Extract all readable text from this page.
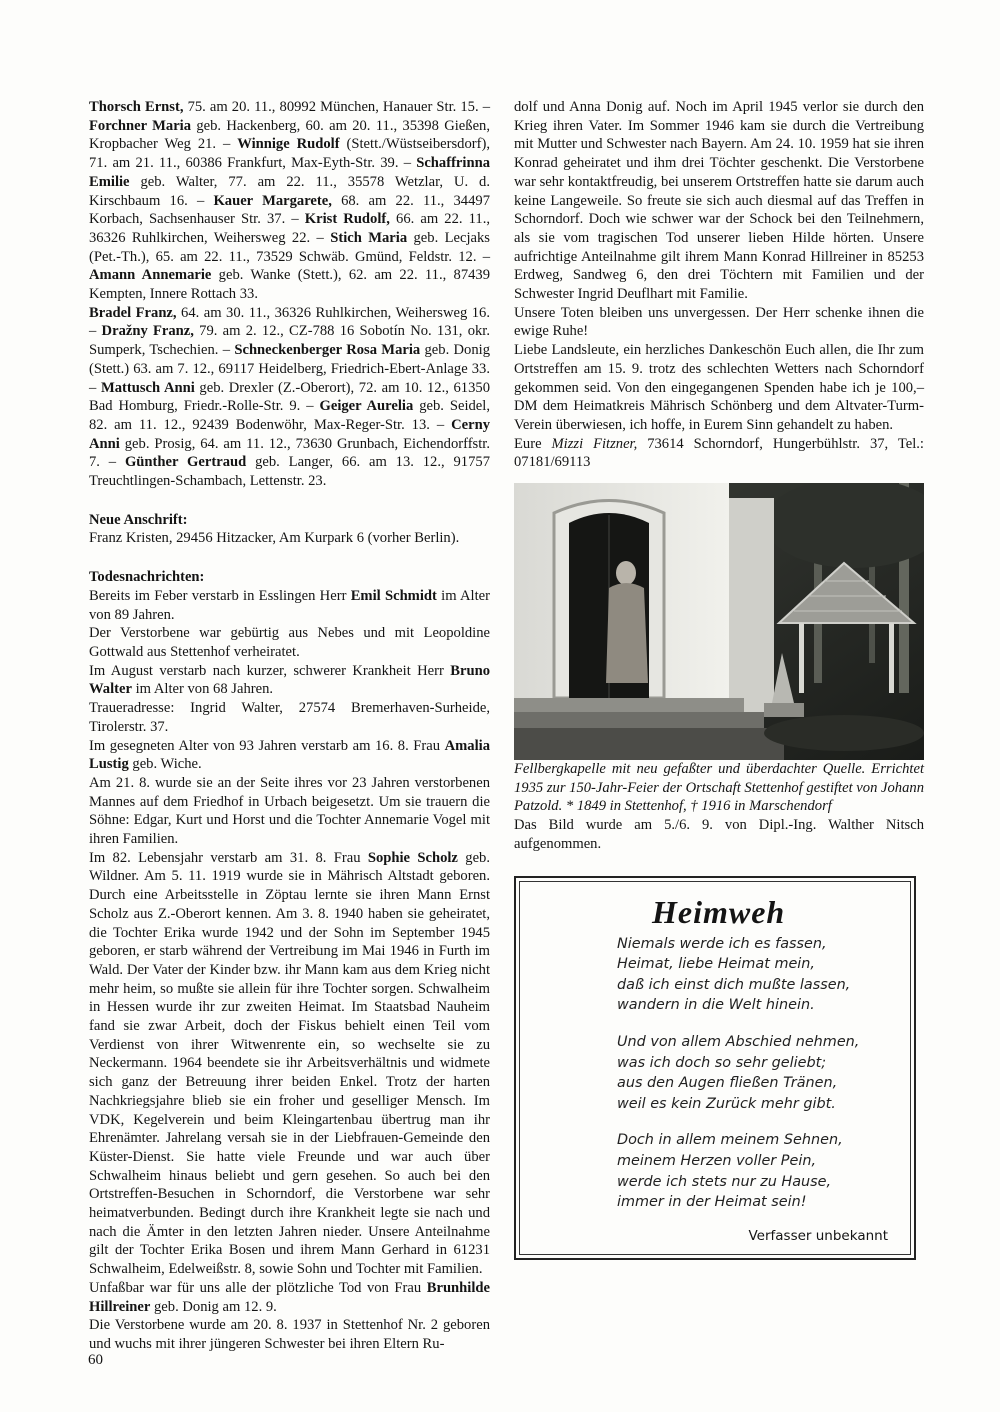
Thorsch Ernst, 75. am 20. 11., 80992 München, Hanauer Str. 15. – Forchner Maria geb. Hackenberg, 60. am 20. 11., 35398 Gießen, Kropbacher Weg 21. – Winnige Rudolf (Stett./Wüstseibersdorf), 71. am 21. 11., 60386 Frankfurt, Max-Eyth-Str. 39. – Schaffrinna Emilie geb. Walter, 77. am 22. 11., 35578 Wetzlar, U. d. Kirschbaum 16. – Kauer Margarete, 68. am 22. 11., 34497 Korbach, Sachsenhauser Str. 37. – Krist Rudolf, 66. am 22. 11., 36326 Ruhlkirchen, Weihersweg 22. – Stich Maria geb. Lecjaks (Pet.-Th.), 65. am 22. 11., 73529 Schwäb. Gmünd, Feldstr. 12. – Amann Annemarie geb. Wanke (Stett.), 62. am 22. 11., 87439 Kempten, Innere Rottach 33.

Bradel Franz, 64. am 30. 11., 36326 Ruhlkirchen, Weihersweg 16. – Dražny Franz, 79. am 2. 12., CZ-788 16 Sobotín No. 131, okr. Sumperk, Tschechien. – Schneckenberger Rosa Maria geb. Donig (Stett.) 63. am 7. 12., 69117 Heidelberg, Friedrich-Ebert-Anlage 33. – Mattusch Anni geb. Drexler (Z.-Oberort), 72. am 10. 12., 61350 Bad Homburg, Friedr.-Rolle-Str. 9. – Geiger Aurelia geb. Seidel, 82. am 11. 12., 92439 Bodenwöhr, Max-Reger-Str. 13. – Cerny Anni geb. Prosig, 64. am 11. 12., 73630 Grunbach, Eichendorffstr. 7. – Günther Gertraud geb. Langer, 66. am 13. 12., 91757 Treuchtlingen-Schambach, Lettenstr. 23.

Neue Anschrift:

Franz Kristen, 29456 Hitzacker, Am Kurpark 6 (vorher Berlin).

Todesnachrichten:

Bereits im Feber verstarb in Esslingen Herr Emil Schmidt im Alter von 89 Jahren.

Der Verstorbene war gebürtig aus Nebes und mit Leopoldine Gottwald aus Stettenhof verheiratet.

Im August verstarb nach kurzer, schwerer Krankheit Herr Bruno Walter im Alter von 68 Jahren.

Traueradresse: Ingrid Walter, 27574 Bremerhaven-Surheide, Tirolerstr. 37.

Im gesegneten Alter von 93 Jahren verstarb am 16. 8. Frau Amalia Lustig geb. Wiche.

Am 21. 8. wurde sie an der Seite ihres vor 23 Jahren verstorbenen Mannes auf dem Friedhof in Urbach beigesetzt. Um sie trauern die Söhne: Edgar, Kurt und Horst und die Tochter Annemarie Vogel mit ihren Familien.

Im 82. Lebensjahr verstarb am 31. 8. Frau Sophie Scholz geb. Wildner. Am 5. 11. 1919 wurde sie in Mährisch Altstadt geboren. Durch eine Arbeitsstelle in Zöptau lernte sie ihren Mann Ernst Scholz aus Z.-Oberort kennen. Am 3. 8. 1940 haben sie geheiratet, die Tochter Erika wurde 1942 und der Sohn im September 1945 geboren, er starb während der Vertreibung im Mai 1946 in Furth im Wald. Der Vater der Kinder bzw. ihr Mann kam aus dem Krieg nicht mehr heim, so mußte sie allein für ihre Tochter sorgen. Schwalheim in Hessen wurde ihr zur zweiten Heimat. Im Staatsbad Nauheim fand sie zwar Arbeit, doch der Fiskus behielt einen Teil vom Verdienst von ihrer Witwenrente ein, so wechselte sie zu Neckermann. 1964 beendete sie ihr Arbeitsverhältnis und widmete sich ganz der Betreuung ihrer beiden Enkel. Trotz der harten Nachkriegsjahre blieb sie ein froher und geselliger Mensch. Im VDK, Kegelverein und beim Kleingartenbau übertrug man ihr Ehrenämter. Jahrelang versah sie in der Liebfrauen-Gemeinde den Küster-Dienst. Sie hatte viele Freunde und war auch über Schwalheim hinaus beliebt und gern gesehen. So auch bei den Ortstreffen-Besuchen in Schorndorf, die Verstorbene war sehr heimatverbunden. Bedingt durch ihre Krankheit legte sie nach und nach die Ämter in den letzten Jahren nieder. Unsere Anteilnahme gilt der Tochter Erika Bosen und ihrem Mann Gerhard in 61231 Schwalheim, Edelweißstr. 8, sowie Sohn und Tochter mit Familien.

Unfaßbar war für uns alle der plötzliche Tod von Frau Brunhilde Hillreiner geb. Donig am 12. 9.

Die Verstorbene wurde am 20. 8. 1937 in Stettenhof Nr. 2 geboren und wuchs mit ihrer jüngeren Schwester bei ihren Eltern Ru-

dolf und Anna Donig auf. Noch im April 1945 verlor sie durch den Krieg ihren Vater. Im Sommer 1946 kam sie durch die Vertreibung mit Mutter und Schwester nach Bayern. Am 24. 10. 1959 hat sie ihren Konrad geheiratet und ihm drei Töchter geschenkt. Die Verstorbene war sehr kontaktfreudig, bei unserem Ortstreffen hatte sie darum auch keine Langeweile. So freute sie sich auch diesmal auf das Treffen in Schorndorf. Doch wie schwer war der Schock bei den Teilnehmern, als sie vom tragischen Tod unserer lieben Hilde hörten. Unsere aufrichtige Anteilnahme gilt ihrem Mann Konrad Hillreiner in 85253 Erdweg, Sandweg 6, den drei Töchtern mit Familien und der Schwester Ingrid Deuflhart mit Familie.

Unsere Toten bleiben uns unvergessen. Der Herr schenke ihnen die ewige Ruhe!

Liebe Landsleute, ein herzliches Dankeschön Euch allen, die Ihr zum Ortstreffen am 15. 9. trotz des schlechten Wetters nach Schorndorf gekommen seid. Von den eingegangenen Spenden habe ich je 100,– DM dem Heimatkreis Mährisch Schönberg und dem Altvater-Turm-Verein überwiesen, ich hoffe, in Eurem Sinn gehandelt zu haben.

Eure Mizzi Fitzner, 73614 Schorndorf, Hungerbühlstr. 37, Tel.: 07181/69113

Fellbergkapelle mit neu gefaßter und überdachter Quelle. Errichtet 1935 zur 150-Jahr-Feier der Ortschaft Stettenhof gestiftet von Johann Patzold. * 1849 in Stettenhof, † 1916 in Marschendorf

Das Bild wurde am 5./6. 9. von Dipl.-Ing. Walther Nitsch aufgenommen.

Heimweh
Niemals werde ich es fassen,
Heimat, liebe Heimat mein,
daß ich einst dich mußte lassen,
wandern in die Welt hinein.
Und von allem Abschied nehmen,
was ich doch so sehr geliebt;
aus den Augen fließen Tränen,
weil es kein Zurück mehr gibt.
Doch in allem meinem Sehnen,
meinem Herzen voller Pein,
werde ich stets nur zu Hause,
immer in der Heimat sein!
Verfasser unbekannt
60
